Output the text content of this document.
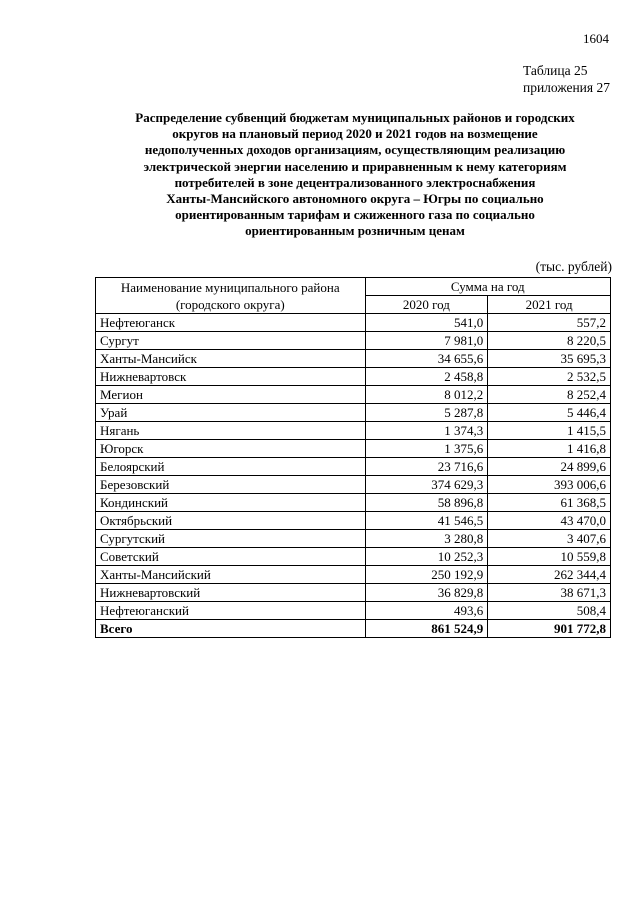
1604
Таблица 25
приложения 27
Распределение субвенций бюджетам муниципальных районов и городских
округов на плановый период 2020 и 2021 годов на возмещение
недополученных доходов организациям, осуществляющим реализацию
электрической энергии населению и приравненным к нему категориям
потребителей в зоне децентрализованного электроснабжения
Ханты-Мансийского автономного округа – Югры по социально
ориентированным тарифам и сжиженного газа по социально
ориентированным розничным ценам
(тыс. рублей)
Наименование муниципального района
(городского округа)	Сумма на год	
	2020 год	2021 год
Нефтеюганск	541,0	557,2
Сургут	7 981,0	8 220,5
Ханты-Мансийск	34 655,6	35 695,3
Нижневартовск	2 458,8	2 532,5
Мегион	8 012,2	8 252,4
Урай	5 287,8	5 446,4
Нягань	1 374,3	1 415,5
Югорск	1 375,6	1 416,8
Белоярский	23 716,6	24 899,6
Березовский	374 629,3	393 006,6
Кондинский	58 896,8	61 368,5
Октябрьский	41 546,5	43 470,0
Сургутский	3 280,8	3 407,6
Советский	10 252,3	10 559,8
Ханты-Мансийский	250 192,9	262 344,4
Нижневартовский	36 829,8	38 671,3
Нефтеюганский	493,6	508,4
Всего	861 524,9	901 772,8
